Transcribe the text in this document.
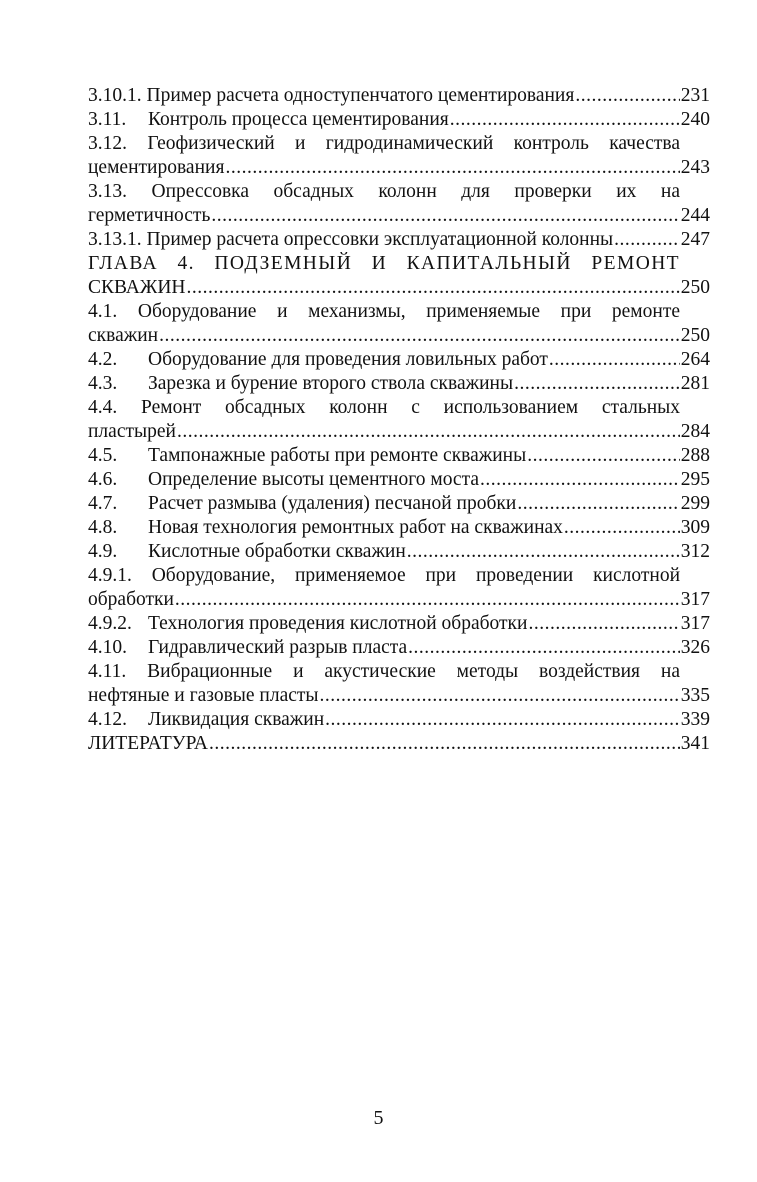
3.10.1.
Пример расчета одноступенчатого цементирования .....	231
3.11.	Контроль процесса цементирования .....	240
3.12. Геофизический и гидродинамический контроль качества
цементирования .....	243
3.13. Опрессовка обсадных колонн для проверки их на
герметичность .....	244
3.13.1.
Пример расчета опрессовки эксплуатационной колонны .....	247
ГЛАВА 4. ПОДЗЕМНЫЙ И КАПИТАЛЬНЫЙ РЕМОНТ
СКВАЖИН .....	250
4.1. Оборудование и механизмы, применяемые при ремонте
скважин .....	250
4.2.	Оборудование для проведения ловильных работ .....	264
4.3.	Зарезка и бурение второго ствола скважины .....	281
4.4. Ремонт обсадных колонн с использованием стальных
пластырей .....	284
4.5.	Тампонажные работы при ремонте скважины .....	288
4.6.	Определение высоты цементного моста .....	295
4.7.	Расчет размыва (удаления) песчаной пробки .....	299
4.8.	Новая технология ремонтных работ на скважинах .....	309
4.9.	Кислотные обработки скважин .....	312
4.9.1. Оборудование, применяемое при проведении кислотной
обработки .....	317
4.9.2. Технология проведения кислотной обработки .....	317
4.10.	Гидравлический разрыв пласта .....	326
4.11. Вибрационные и акустические методы воздействия на
нефтяные и газовые пласты .....	335
4.12.	Ликвидация скважин .....	339
ЛИТЕРАТУРА .....	341
5
